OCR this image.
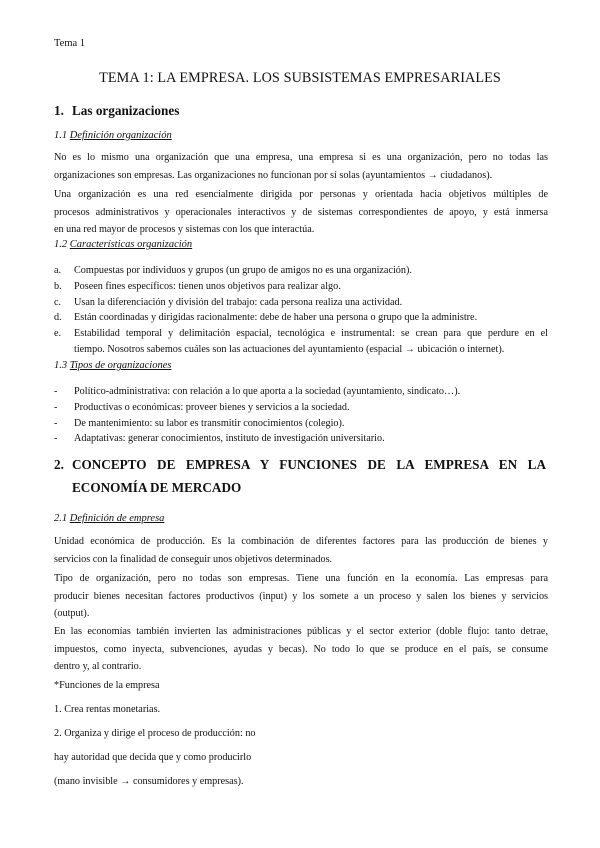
Tema 1
TEMA 1: LA EMPRESA. LOS SUBSISTEMAS EMPRESARIALES
1. Las organizaciones
1.1 Definición organización
No es lo mismo una organización que una empresa, una empresa si es una organización, pero no todas las
organizaciones son empresas. Las organizaciones no funcionan por sí solas (ayuntamientos → ciudadanos).
Una organización es una red esencialmente dirigida por personas y orientada hacia objetivos múltiples de
procesos administrativos y operacionales interactivos y de sistemas correspondientes de apoyo, y está inmersa
en una red mayor de procesos y sistemas con los que interactúa.
1.2 Características organización
a. Compuestas por individuos y grupos (un grupo de amigos no es una organización).
b. Poseen fines específicos: tienen unos objetivos para realizar algo.
c. Usan la diferenciación y división del trabajo: cada persona realiza una actividad.
d. Están coordinadas y dirigidas racionalmente: debe de haber una persona o grupo que la administre.
e. Estabilidad temporal y delimitación espacial, tecnológica e instrumental: se crean para que perdure en el
tiempo. Nosotros sabemos cuáles son las actuaciones del ayuntamiento (espacial → ubicación o internet).
1.3 Tipos de organizaciones
- Político-administrativa: con relación a lo que aporta a la sociedad (ayuntamiento, sindicato…).
- Productivas o económicas: proveer bienes y servicios a la sociedad.
- De mantenimiento: su labor es transmitir conocimientos (colegio).
- Adaptativas: generar conocimientos, instituto de investigación universitario.
2. CONCEPTO DE EMPRESA Y FUNCIONES DE LA EMPRESA EN LA
ECONOMÍA DE MERCADO
2.1 Definición de empresa
Unidad económica de producción. Es la combinación de diferentes factores para las producción de bienes y
servicios con la finalidad de conseguir unos objetivos determinados.
Tipo de organización, pero no todas son empresas. Tiene una función en la economía. Las empresas para
producir bienes necesitan factores productivos (input) y los somete a un proceso y salen los bienes y servicios
(output).
En las economías también invierten las administraciones públicas y el sector exterior (doble flujo: tanto detrae,
impuestos, como inyecta, subvenciones, ayudas y becas). No todo lo que se produce en el país, se consume
dentro y, al contrario.
*Funciones de la empresa
1. Crea rentas monetarias.
2. Organiza y dirige el proceso de producción: no
hay autoridad que decida que y como producirlo
(mano invisible → consumidores y empresas).
